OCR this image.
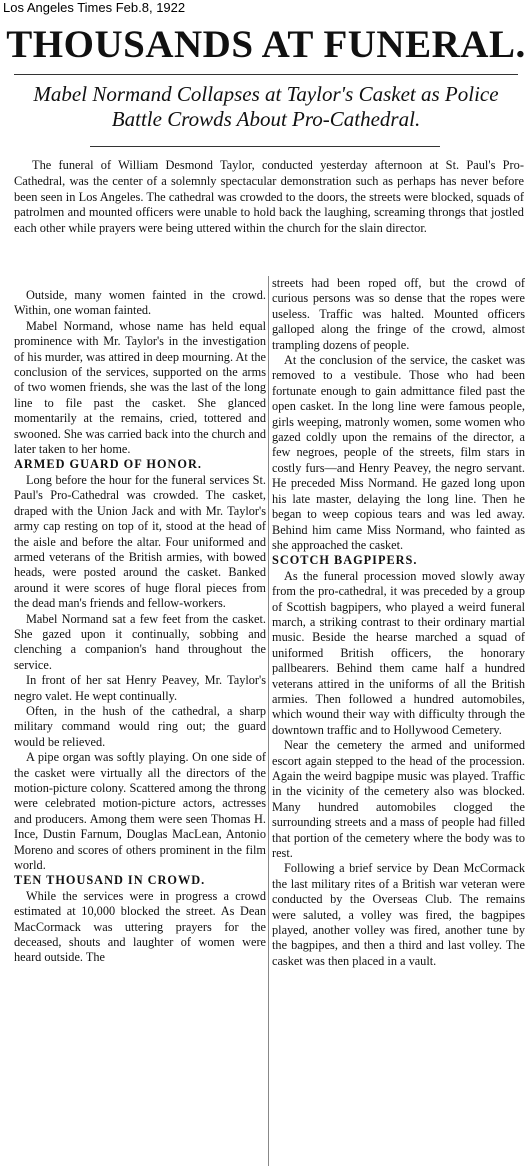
Los Angeles Times Feb.8, 1922
THOUSANDS AT FUNERAL.
Mabel Normand Collapses at Taylor's Casket as Police Battle Crowds About Pro-Cathedral.

The funeral of William Desmond Taylor, conducted yesterday afternoon at St. Paul's Pro-Cathedral, was the center of a solemnly spectacular demonstration such as perhaps has never before been seen in Los Angeles. The cathedral was crowded to the doors, the streets were blocked, squads of patrolmen and mounted officers were unable to hold back the laughing, screaming throngs that jostled each other while prayers were being uttered within the church for the slain director.

Outside, many women fainted in the crowd. Within, one woman fainted.

Mabel Normand, whose name has held equal prominence with Mr. Taylor's in the investigation of his murder, was attired in deep mourning. At the conclusion of the services, supported on the arms of two women friends, she was the last of the long line to file past the casket. She glanced momentarily at the remains, cried, tottered and swooned. She was carried back into the church and later taken to her home.

ARMED GUARD OF HONOR.

Long before the hour for the funeral services St. Paul's Pro-Cathedral was crowded. The casket, draped with the Union Jack and with Mr. Taylor's army cap resting on top of it, stood at the head of the aisle and before the altar. Four uniformed and armed veterans of the British armies, with bowed heads, were posted around the casket. Banked around it were scores of huge floral pieces from the dead man's friends and fellow-workers.

Mabel Normand sat a few feet from the casket. She gazed upon it continually, sobbing and clenching a companion's hand throughout the service.

In front of her sat Henry Peavey, Mr. Taylor's negro valet. He wept continually.

Often, in the hush of the cathedral, a sharp military command would ring out; the guard would be relieved.

A pipe organ was softly playing. On one side of the casket were virtually all the directors of the motion-picture colony. Scattered among the throng were celebrated motion-picture actors, actresses and producers. Among them were seen Thomas H. Ince, Dustin Farnum, Douglas MacLean, Antonio Moreno and scores of others prominent in the film world.

TEN THOUSAND IN CROWD.

While the services were in progress a crowd estimated at 10,000 blocked the street. As Dean MacCormack was uttering prayers for the deceased, shouts and laughter of women were heard outside. The

streets had been roped off, but the crowd of curious persons was so dense that the ropes were useless. Traffic was halted. Mounted officers galloped along the fringe of the crowd, almost trampling dozens of people.

At the conclusion of the service, the casket was removed to a vestibule. Those who had been fortunate enough to gain admittance filed past the open casket. In the long line were famous people, girls weeping, matronly women, some women who gazed coldly upon the remains of the director, a few negroes, people of the streets, film stars in costly furs—and Henry Peavey, the negro servant. He preceded Miss Normand. He gazed long upon his late master, delaying the long line. Then he began to weep copious tears and was led away. Behind him came Miss Normand, who fainted as she approached the casket.

SCOTCH BAGPIPERS.

As the funeral procession moved slowly away from the pro-cathedral, it was preceded by a group of Scottish bagpipers, who played a weird funeral march, a striking contrast to their ordinary martial music. Beside the hearse marched a squad of uniformed British officers, the honorary pallbearers. Behind them came half a hundred veterans attired in the uniforms of all the British armies. Then followed a hundred automobiles, which wound their way with difficulty through the downtown traffic and to Hollywood Cemetery.

Near the cemetery the armed and uniformed escort again stepped to the head of the procession. Again the weird bagpipe music was played. Traffic in the vicinity of the cemetery also was blocked. Many hundred automobiles clogged the surrounding streets and a mass of people had filled that portion of the cemetery where the body was to rest.

Following a brief service by Dean McCormack the last military rites of a British war veteran were conducted by the Overseas Club. The remains were saluted, a volley was fired, the bagpipes played, another volley was fired, another tune by the bagpipes, and then a third and last volley. The casket was then placed in a vault.
